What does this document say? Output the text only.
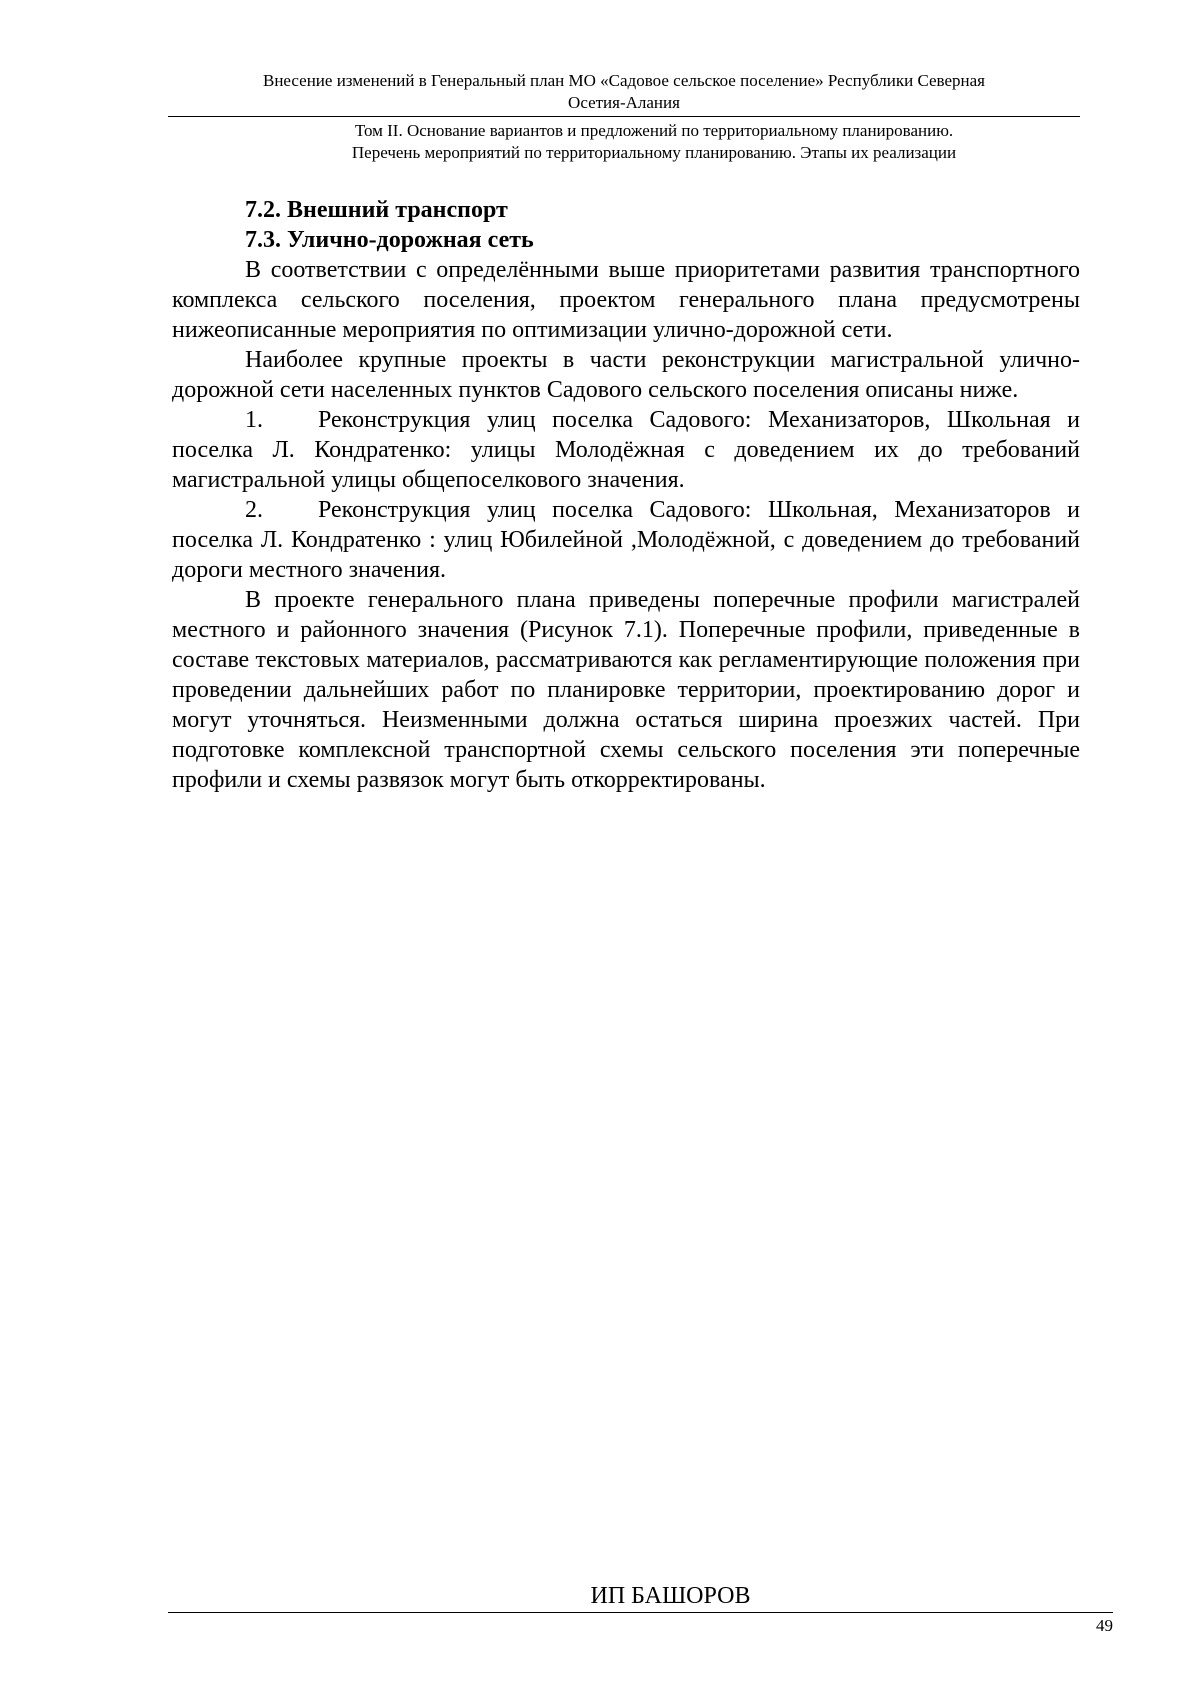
Внесение изменений в Генеральный план МО «Садовое сельское поселение» Республики Северная
Осетия-Алания
Том II. Основание вариантов и предложений по территориальному планированию.
Перечень мероприятий по территориальному планированию. Этапы их реализации

7.2. Внешний транспорт

7.3. Улично-дорожная сеть

В соответствии с определёнными выше приоритетами развития транспортного комплекса сельского поселения, проектом генерального плана предусмотрены нижеописанные мероприятия по оптимизации улично-дорожной сети.

Наиболее крупные проекты в части реконструкции магистральной улично-дорожной сети населенных пунктов Садового сельского поселения описаны ниже.

1. Реконструкция улиц поселка Садового: Механизаторов, Школьная и поселка Л. Кондратенко: улицы Молодёжная с доведением их до требований магистральной улицы общепоселкового значения.

2. Реконструкция улиц поселка Садового: Школьная, Механизаторов и поселка Л. Кондратенко : улиц Юбилейной ,Молодёжной, с доведением до требований дороги местного значения.

В проекте генерального плана приведены поперечные профили магистралей местного и районного значения (Рисунок 7.1). Поперечные профили, приведенные в составе текстовых материалов, рассматриваются как регламентирующие положения при проведении дальнейших работ по планировке территории, проектированию дорог и могут уточняться. Неизменными должна остаться ширина проезжих частей. При подготовке комплексной транспортной схемы сельского поселения эти поперечные профили и схемы развязок могут быть откорректированы.

ИП БАШОРОВ
49
